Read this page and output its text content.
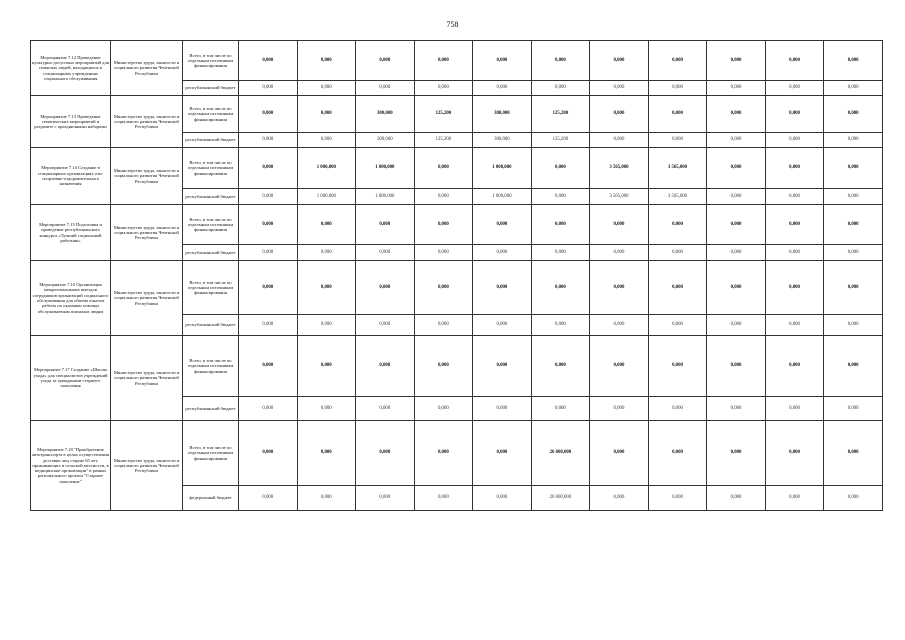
758
Мероприятие 7.12 Проведение культурно-досуговых мероприятий для пожилых людей, находящихся в стационарных учреждениях социального обслуживания	Министерство труда, занятости и социального развития Чеченской Республики	Всего, в том числе по отдельным источникам финансирования	0,000	0,000	0,000	0,000	0,000	0,000	0,000	0,000	0,000	0,000	0,000
		республиканский бюджет	0,000	0,000	0,000	0,000	0,000	0,000	0,000	0,000	0,000	0,000	0,000
Мероприятие 7.13 Проведение тематических мероприятий и раздачите с праздничными наборами	Министерство труда, занятости и социального развития Чеченской Республики	Всего, в том числе по отдельным источникам финансирования	0,000	0,000	300,000	125,200	300,000	125,200	0,000	0,000	0,000	0,000	0,000
		республиканский бюджет	0,000	0,000	300,000	125,200	300,000	125,200	0,000	0,000	0,000	0,000	0,000
Мероприятие 7.14 Создание в стационарных организациях оэн-спортивно-оздоровительного назначения	Министерство труда, занятости и социального развития Чеченской Республики	Всего, в том числе по отдельным источникам финансирования	0,000	1 000,000	1 000,000	0,000	1 000,000	0,000	3 565,000	3 565,000	0,000	0,000	0,000
		республиканский бюджет	0,000	1 000,000	1 000,000	0,000	1 000,000	0,000	3 565,000	3 565,000	0,000	0,000	0,000
Мероприятие 7.15 Подготовка и проведение республиканского конкурса «Лучший социальный работник»	Министерство труда, занятости и социального развития Чеченской Республики	Всего, в том числе по отдельным источникам финансирования	0,000	0,000	0,000	0,000	0,000	0,000	0,000	0,000	0,000	0,000	0,000
		республиканский бюджет	0,000	0,000	0,000	0,000	0,000	0,000	0,000	0,000	0,000	0,000	0,000
Мероприятие 7.16 Организация межрегиональных выездов сотрудников организаций социального обслуживания для обмена опытом работы по оказанию помощи обслуживаемым пожилым людям	Министерство труда, занятости и социального развития Чеченской Республики	Всего, в том числе по отдельным источникам финансирования	0,000	0,000	0,000	0,000	0,000	0,000	0,000	0,000	0,000	0,000	0,000
		республиканский бюджет	0,000	0,000	0,000	0,000	0,000	0,000	0,000	0,000	0,000	0,000	0,000
Мероприятие 7.17 Создание «Школы ухода» для специалистов учреждений ухода за гражданами старшего поколения	Министерство труда, занятости и социального развития Чеченской Республики	Всего, в том числе по отдельным источникам финансирования	0,000	0,000	0,000	0,000	0,000	0,000	0,000	0,000	0,000	0,000	0,000
		республиканский бюджет	0,000	0,000	0,000	0,000	0,000	0,000	0,000	0,000	0,000	0,000	0,000
Мероприятие 7.18 "Приобретение автотранспорта в целях осуществления доставки лиц старше 65 лет, проживающих в сельской местности, в медицинские организации" в рамках регионального проекта "Старшее поколение"	Министерство труда, занятости и социального развития Чеченской Республики	Всего, в том числе по отдельным источникам финансирования	0,000	0,000	0,000	0,000	0,000	26 600,000	0,000	0,000	0,000	0,000	0,000
		федеральный бюджет	0,000	0,000	0,000	0,000	0,000	26 600,000	0,000	0,000	0,000	0,000	0,000
